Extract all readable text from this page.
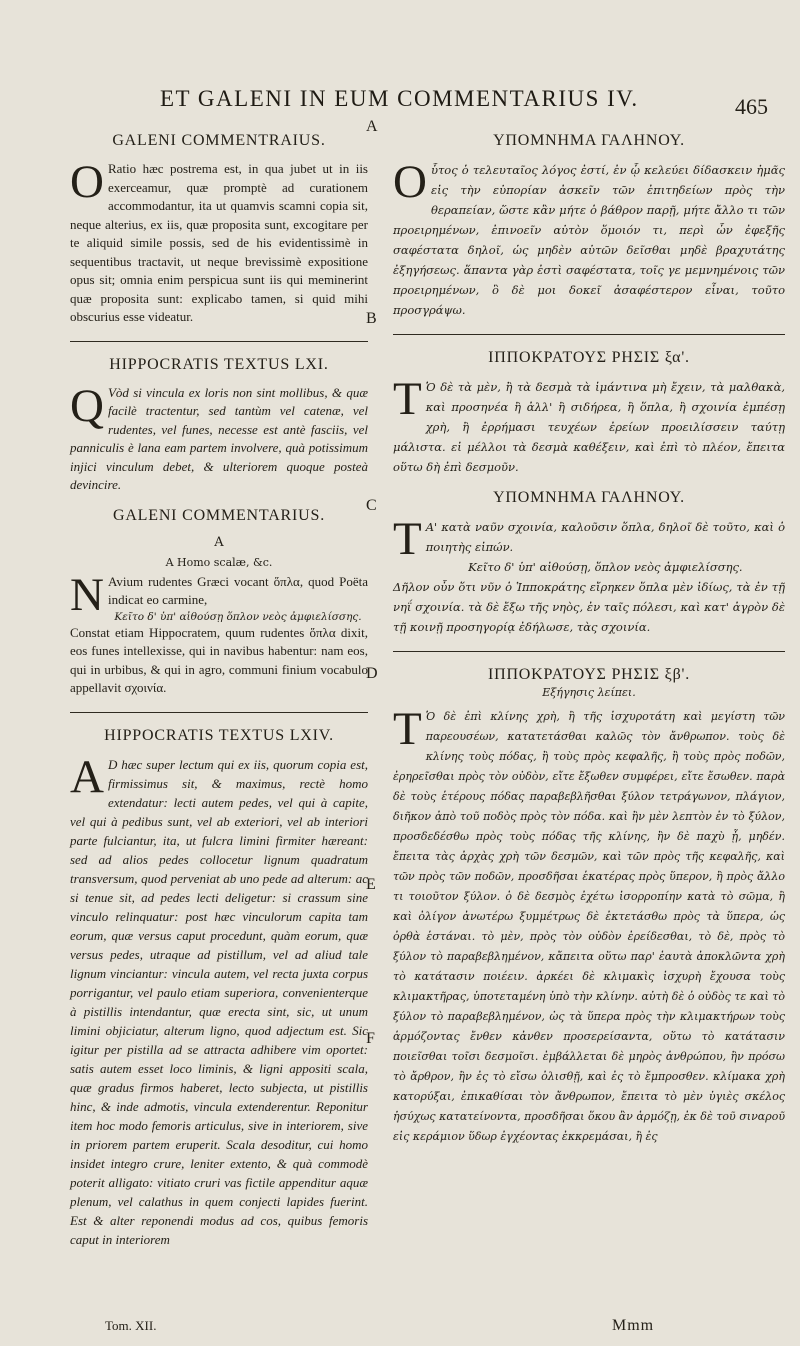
ET GALENI IN EUM COMMENTARIUS IV.	465
A
B
C
D
E
F
GALENI COMMENTRAIUS.

O Ratio hæc postrema est, in qua jubet ut in iis exerceamur, quæ promptè ad curationem accommodantur, ita ut quamvis scamni copia sit, neque alterius, ex iis, quæ proposita sunt, excogitare per te aliquid simile possis, sed de his evidentissimè in sequentibus tractavit, ut neque brevissimè expositione opus sit; omnia enim perspicua sunt iis qui meminerint quæ proposita sunt: explicabo tamen, si quid mihi obscurius esse videatur.

HIPPOCRATIS TEXTUS LXI.

Q Vòd si vincula ex loris non sint mollibus, & quæ facilè tractentur, sed tantùm vel catenæ, vel rudentes, vel funes, necesse est antè fasciis, vel panniculis è lana eam partem involvere, quà potissimum injici vinculum debet, & ulteriorem quoque posteà devincire.

GALENI COMMENTARIUS.
A
A Homo scalæ, &c.

N Avium rudentes Græci vocant ὅπλα, quod Poëta indicat eo carmine,
Κεῖτο δ' ὑπ' αἰθούσῃ ὅπλον νεὸς ἀμφιελίσσης.
Constat etiam Hippocratem, quum rudentes ὅπλα dixit, eos funes intellexisse, qui in navibus habentur: nam eos, qui in urbibus, & qui in agro, communi finium vocabulo appellavit σχοινία.

HIPPOCRATIS TEXTUS LXIV.

A D hæc super lectum qui ex iis, quorum copia est, firmissimus sit, & maximus, rectè homo extendatur: lecti autem pedes, vel qui à capite, vel qui à pedibus sunt, vel ab exteriori, vel ab interiori parte fulciantur, ita, ut fulcra limini firmiter hæreant: sed ad alios pedes collocetur lignum quadratum transversum, quod perveniat ab uno pede ad alterum: ac si tenue sit, ad pedes lecti deligetur: si crassum sine vinculo relinquatur: post hæc vinculorum capita tam eorum, quæ versus caput procedunt, quàm eorum, quæ versus pedes, utraque ad pistillum, vel ad aliud tale lignum vinciantur: vincula autem, vel recta juxta corpus porrigantur, vel paulo etiam superiora, convenienterque à pistillis intendantur, quæ erecta sint, sic, ut unum limini objiciatur, alterum ligno, quod adjectum est. Sic igitur per pistilla ad se attracta adhibere vim oportet: satis autem esset loco liminis, & ligni appositi scala, quæ gradus firmos haberet, lecto subjecta, ut pistillis hinc, & inde admotis, vincula extenderentur. Reponitur item hoc modo femoris articulus, sive in interiorem, sive in priorem partem eruperit. Scala desoditur, cui homo insidet integro crure, leniter extento, & quà commodè poterit alligato: vitiato cruri vas fictile appenditur aquæ plenum, vel calathus in quem conjecti lapides fuerint. Est & alter reponendi modus ad cos, quibus femoris caput in interiorem

ΥΠΟΜΝΗΜΑ ΓΑΛΗΝΟΥ.

Οὗτος ὁ τελευταῖος λόγος ἐστί, ἐν ᾧ κελεύει δίδασκειν ἡμᾶς εἰς τὴν εὐπορίαν ἀσκεῖν τῶν ἐπιτηδείων πρὸς τὴν θεραπείαν, ὥστε κἂν μήτε ὁ βάθρον παρῇ, μήτε ἄλλο τι τῶν προειρημένων, ἐπινοεῖν αὐτὸν ὅμοιόν τι, περὶ ὧν ἐφεξῆς σαφέστατα δηλοῖ, ὡς μηδὲν αὐτῶν δεῖσθαι μηδὲ βραχυτάτης ἐξηγήσεως. ἅπαντα γὰρ ἐστὶ σαφέστατα, τοῖς γε μεμνημένοις τῶν προειρημένων, ὃ δὲ μοι δοκεῖ ἀσαφέστερον εἶναι, τοῦτο προσγράψω.

ΙΠΠΟΚΡΑΤΟΥΣ ΡΗΣΙΣ ξα'.

Τ Ὁ δὲ τὰ μὲν, ἢ τὰ δεσμὰ τὰ ἱμάντινα μὴ ἔχειν, τὰ μαλθακὰ, καὶ προσηνέα ἢ ἀλλ' ἢ σιδήρεα, ἢ ὅπλα, ἢ σχοινία ἐμπέσῃ χρὴ, ἢ ἐρρήμασι τευχέων ἐρείων προειλίσσειν ταύτῃ μάλιστα. εἰ μέλλοι τὰ δεσμὰ καθέξειν, καὶ ἐπὶ τὸ πλέον, ἔπειτα οὕτω δὴ ἐπὶ δεσμοῦν.

ΥΠΟΜΝΗΜΑ ΓΑΛΗΝΟΥ.

Τ Α' κατὰ ναῦν σχοινία, καλοῦσιν ὅπλα, δηλοῖ δὲ τοῦτο, καὶ ὁ ποιητὴς εἰπών.
Κεῖτο δ' ὑπ' αἰθούσῃ, ὅπλον νεὸς ἀμφιελίσσης.
Δῆλον οὖν ὅτι νῦν ὁ Ἱπποκράτης εἴρηκεν ὅπλα μὲν ἰδίως, τὰ ἐν τῇ νηΐ σχοινία. τὰ δὲ ἔξω τῆς νηὸς, ἐν ταῖς πόλεσι, καὶ κατ' ἀγρὸν δὲ τῇ κοινῇ προσηγορίᾳ ἐδήλωσε, τὰς σχοινία.

ΙΠΠΟΚΡΑΤΟΥΣ ΡΗΣΙΣ ξβ'.
Εξήγησις λείπει.

Τ Ὁ δὲ ἐπὶ κλίνης χρὴ, ἢ τῆς ἰσχυροτάτη καὶ μεγίστη τῶν παρεουσέων, κατατετάσθαι καλῶς τὸν ἄνθρωπον. τοὺς δὲ κλίνης τοὺς πόδας, ἢ τοὺς πρὸς κεφαλῆς, ἢ τοὺς πρὸς ποδῶν, ἐρηρεῖσθαι πρὸς τὸν οὐδὸν, εἴτε ἔξωθεν συμφέρει, εἴτε ἔσωθεν. παρὰ δὲ τοὺς ἑτέρους πόδας παραβεβλῆσθαι ξύλον τετράγωνον, πλάγιον, διῆκον ἀπὸ τοῦ ποδὸς πρὸς τὸν πόδα. καὶ ἢν μὲν λεπτὸν ἐν τὸ ξύλον, προσδεδέσθω πρὸς τοὺς πόδας τῆς κλίνης, ἢν δὲ παχὺ ᾖ, μηδέν. ἔπειτα τὰς ἀρχὰς χρὴ τῶν δεσμῶν, καὶ τῶν πρὸς τῆς κεφαλῆς, καὶ τῶν πρὸς τῶν ποδῶν, προσδῆσαι ἑκατέρας πρὸς ὕπερον, ἢ πρὸς ἄλλο τι τοιοῦτον ξύλον. ὁ δὲ δεσμὸς ἐχέτω ἰσορροπίην κατὰ τὸ σῶμα, ἢ καὶ ὀλίγον ἀνωτέρω ξυμμέτρως δὲ ἐκτετάσθω πρὸς τὰ ὕπερα, ὡς ὀρθὰ ἑστάναι. τὸ μὲν, πρὸς τὸν οὐδὸν ἐρείδεσθαι, τὸ δὲ, πρὸς τὸ ξύλον τὸ παραβεβλημένον, κἄπειτα οὕτω παρ' ἑαυτὰ ἀποκλῶντα χρὴ τὸ κατάτασιν ποιέειν. ἀρκέει δὲ κλιμακὶς ἰσχυρὴ ἔχουσα τοὺς κλιμακτῆρας, ὑποτεταμένη ὑπὸ τὴν κλίνην. αὐτὴ δὲ ὁ οὐδὸς τε καὶ τὸ ξύλον τὸ παραβεβλημένον, ὡς τὰ ὕπερα πρὸς τὴν κλιμακτήρων τοὺς ἁρμόζοντας ἔνθεν κἀνθεν προσερείσαντα, οὕτω τὸ κατάτασιν ποιεῖσθαι τοῖσι δεσμοῖσι. ἐμβάλλεται δὲ μηρὸς ἀνθρώπου, ἢν πρόσω τὸ ἄρθρον, ἢν ἐς τὸ εἴσω ὀλισθῇ, καὶ ἐς τὸ ἔμπροσθεν. κλίμακα χρὴ κατορύξαι, ἐπικαθίσαι τὸν ἄνθρωπον, ἔπειτα τὸ μὲν ὑγιὲς σκέλος ἠσύχως κατατείνοντα, προσδῆσαι ὅκου ἂν ἁρμόζῃ, ἐκ δὲ τοῦ σιναροῦ εἰς κεράμιον ὕδωρ ἐγχέοντας ἐκκρεμάσαι, ἢ ἐς

Tom. XII.	Mmm
